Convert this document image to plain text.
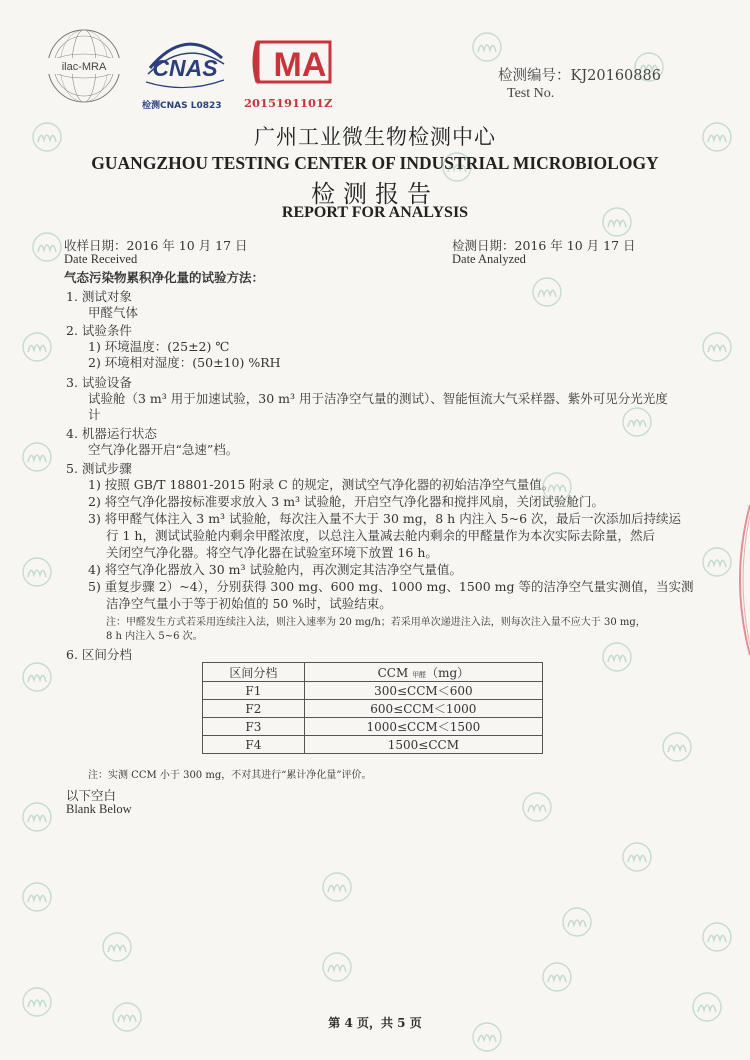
ilac-MRA CNAS
检测CNAS L0823
MA
2015191101Z
检测编号：KJ20160886
Test No.
广州工业微生物检测中心
GUANGZHOU TESTING CENTER OF INDUSTRIAL MICROBIOLOGY
检测报告
REPORT FOR ANALYSIS
收样日期：2016 年 10 月 17 日
Date Received
检测日期：2016 年 10 月 17 日
Date Analyzed
气态污染物累积净化量的试验方法：
1. 测试对象
甲醛气体
2. 试验条件
1) 环境温度：(25±2) ℃
2) 环境相对湿度：(50±10) %RH
3. 试验设备
试验舱（3 m³ 用于加速试验，30 m³ 用于洁净空气量的测试）、智能恒流大气采样器、紫外可见分光光度
计
4. 机器运行状态
空气净化器开启“急速”档。
5. 测试步骤
1) 按照 GB/T 18801-2015 附录 C 的规定，测试空气净化器的初始洁净空气量值。
2) 将空气净化器按标准要求放入 3 m³ 试验舱，开启空气净化器和搅拌风扇，关闭试验舱门。
3) 将甲醛气体注入 3 m³ 试验舱，每次注入量不大于 30 mg，8 h 内注入 5~6 次，最后一次添加后持续运
行 1 h，测试试验舱内剩余甲醛浓度，以总注入量减去舱内剩余的甲醛量作为本次实际去除量，然后
关闭空气净化器。将空气净化器在试验室环境下放置 16 h。
4) 将空气净化器放入 30 m³ 试验舱内，再次测定其洁净空气量值。
5) 重复步骤 2）~4），分别获得 300 mg、600 mg、1000 mg、1500 mg 等的洁净空气量实测值，当实测
洁净空气量小于等于初始值的 50 %时，试验结束。
注：甲醛发生方式若采用连续注入法，则注入速率为 20 mg/h；若采用单次递进注入法，则每次注入量不应大于 30 mg，
8 h 内注入 5~6 次。
6. 区间分档
区间分档	CCM 甲醛（mg）
F1	300≤CCM＜600
F2	600≤CCM＜1000
F3	1000≤CCM＜1500
F4	1500≤CCM
注：实测 CCM 小于 300 mg，不对其进行“累计净化量”评价。
以下空白
Blank Below
第 4 页，共 5 页
